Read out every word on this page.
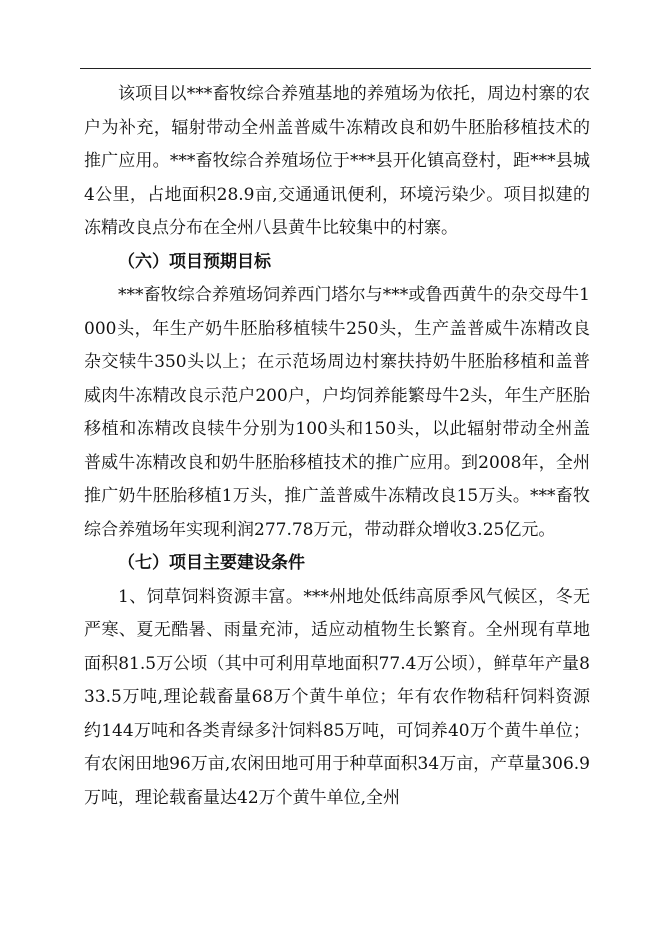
该项目以***畜牧综合养殖基地的养殖场为依托，周边村寨的农户为补充，辐射带动全州盖普威牛冻精改良和奶牛胚胎移植技术的推广应用。***畜牧综合养殖场位于***县开化镇高登村，距***县城4公里，占地面积28.9亩,交通通讯便利，环境污染少。项目拟建的冻精改良点分布在全州八县黄牛比较集中的村寨。

（六）项目预期目标

***畜牧综合养殖场饲养西门塔尔与***或鲁西黄牛的杂交母牛1000头，年生产奶牛胚胎移植犊牛250头，生产盖普威牛冻精改良杂交犊牛350头以上；在示范场周边村寨扶持奶牛胚胎移植和盖普威肉牛冻精改良示范户200户，户均饲养能繁母牛2头，年生产胚胎移植和冻精改良犊牛分别为100头和150头，以此辐射带动全州盖普威牛冻精改良和奶牛胚胎移植技术的推广应用。到2008年，全州推广奶牛胚胎移植1万头，推广盖普威牛冻精改良15万头。***畜牧综合养殖场年实现利润277.78万元，带动群众增收3.25亿元。

（七）项目主要建设条件

1、饲草饲料资源丰富。***州地处低纬高原季风气候区，冬无严寒、夏无酷暑、雨量充沛，适应动植物生长繁育。全州现有草地面积81.5万公顷（其中可利用草地面积77.4万公顷），鲜草年产量833.5万吨,理论载畜量68万个黄牛单位；年有农作物秸秆饲料资源约144万吨和各类青绿多汁饲料85万吨，可饲养40万个黄牛单位；有农闲田地96万亩,农闲田地可用于种草面积34万亩，产草量306.9万吨，理论载畜量达42万个黄牛单位,全州
